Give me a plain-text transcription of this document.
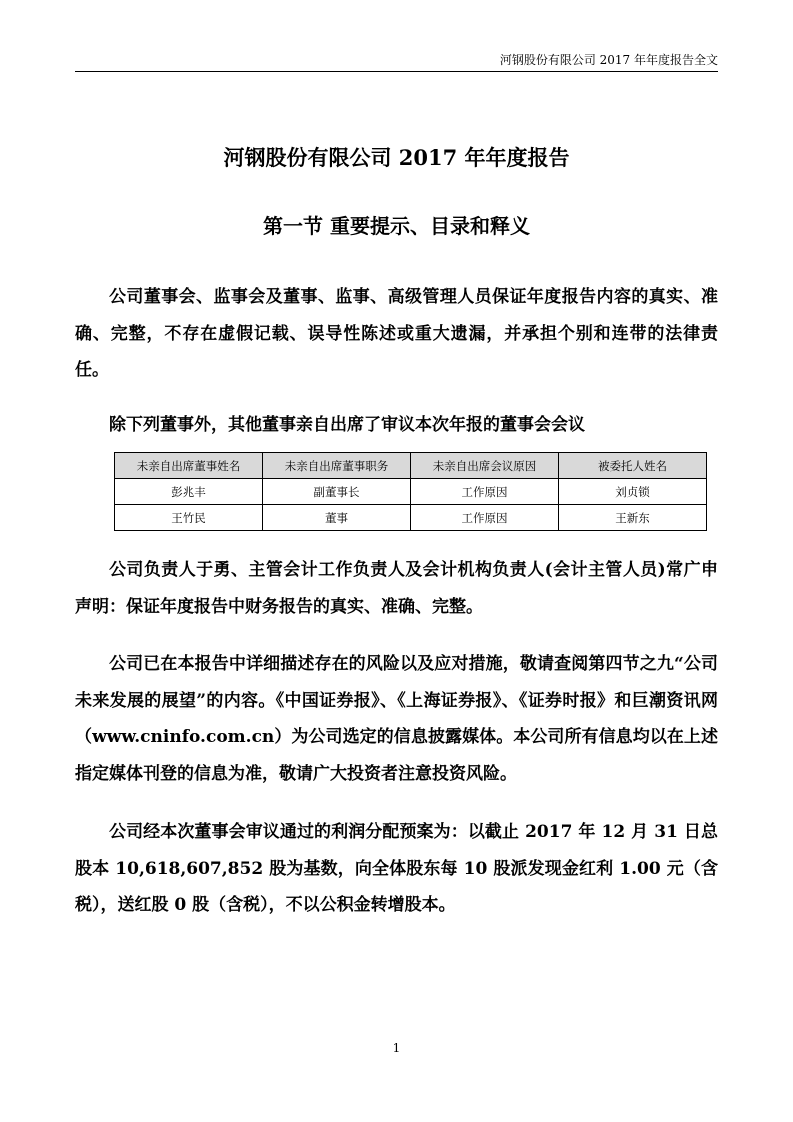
河钢股份有限公司 2017 年年度报告全文
河钢股份有限公司 2017 年年度报告
第一节 重要提示、目录和释义

公司董事会、监事会及董事、监事、高级管理人员保证年度报告内容的真实、准确、完整，不存在虚假记载、误导性陈述或重大遗漏，并承担个别和连带的法律责任。

除下列董事外，其他董事亲自出席了审议本次年报的董事会会议

未亲自出席董事姓名	未亲自出席董事职务	未亲自出席会议原因	被委托人姓名
彭兆丰	副董事长	工作原因	刘贞锁
王竹民	董事	工作原因	王新东

公司负责人于勇、主管会计工作负责人及会计机构负责人(会计主管人员)常广申声明：保证年度报告中财务报告的真实、准确、完整。

公司已在本报告中详细描述存在的风险以及应对措施，敬请查阅第四节之九“公司未来发展的展望”的内容。《中国证券报》、《上海证券报》、《证券时报》和巨潮资讯网（www.cninfo.com.cn）为公司选定的信息披露媒体。本公司所有信息均以在上述指定媒体刊登的信息为准，敬请广大投资者注意投资风险。

公司经本次董事会审议通过的利润分配预案为：以截止 2017 年 12 月 31 日总股本 10,618,607,852 股为基数，向全体股东每 10 股派发现金红利 1.00 元（含税），送红股 0 股（含税），不以公积金转增股本。

1
